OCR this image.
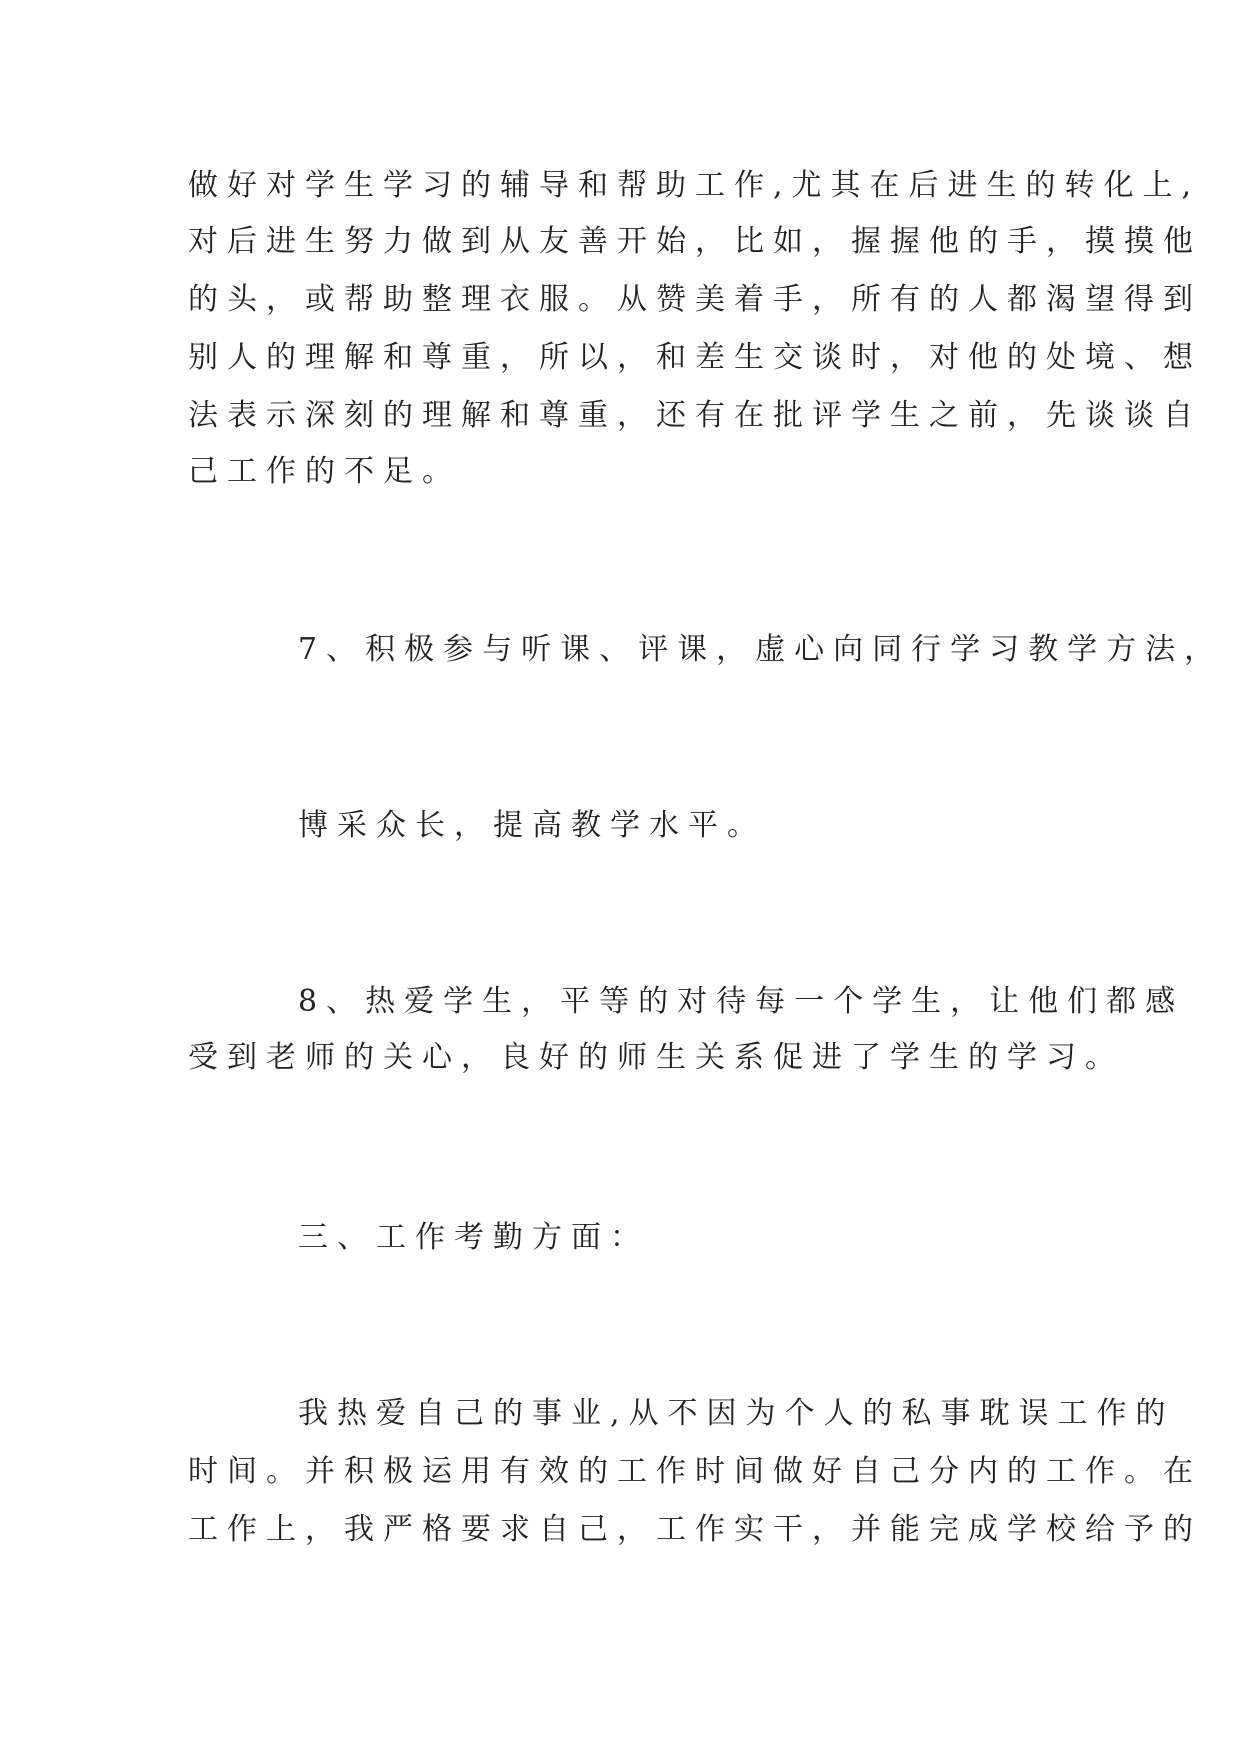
做好对学生学习的辅导和帮助工作,尤其在后进生的转化上,
对后进生努力做到从友善开始，比如，握握他的手，摸摸他
的头，或帮助整理衣服。从赞美着手，所有的人都渴望得到
别人的理解和尊重，所以，和差生交谈时，对他的处境、想
法表示深刻的理解和尊重，还有在批评学生之前，先谈谈自
己工作的不足。
7、积极参与听课、评课，虚心向同行学习教学方法，
博采众长，提高教学水平。
8、热爱学生，平等的对待每一个学生，让他们都感
受到老师的关心，良好的师生关系促进了学生的学习。
三、工作考勤方面：
我热爱自己的事业,从不因为个人的私事耽误工作的
时间。并积极运用有效的工作时间做好自己分内的工作。在
工作上，我严格要求自己，工作实干，并能完成学校给予的
